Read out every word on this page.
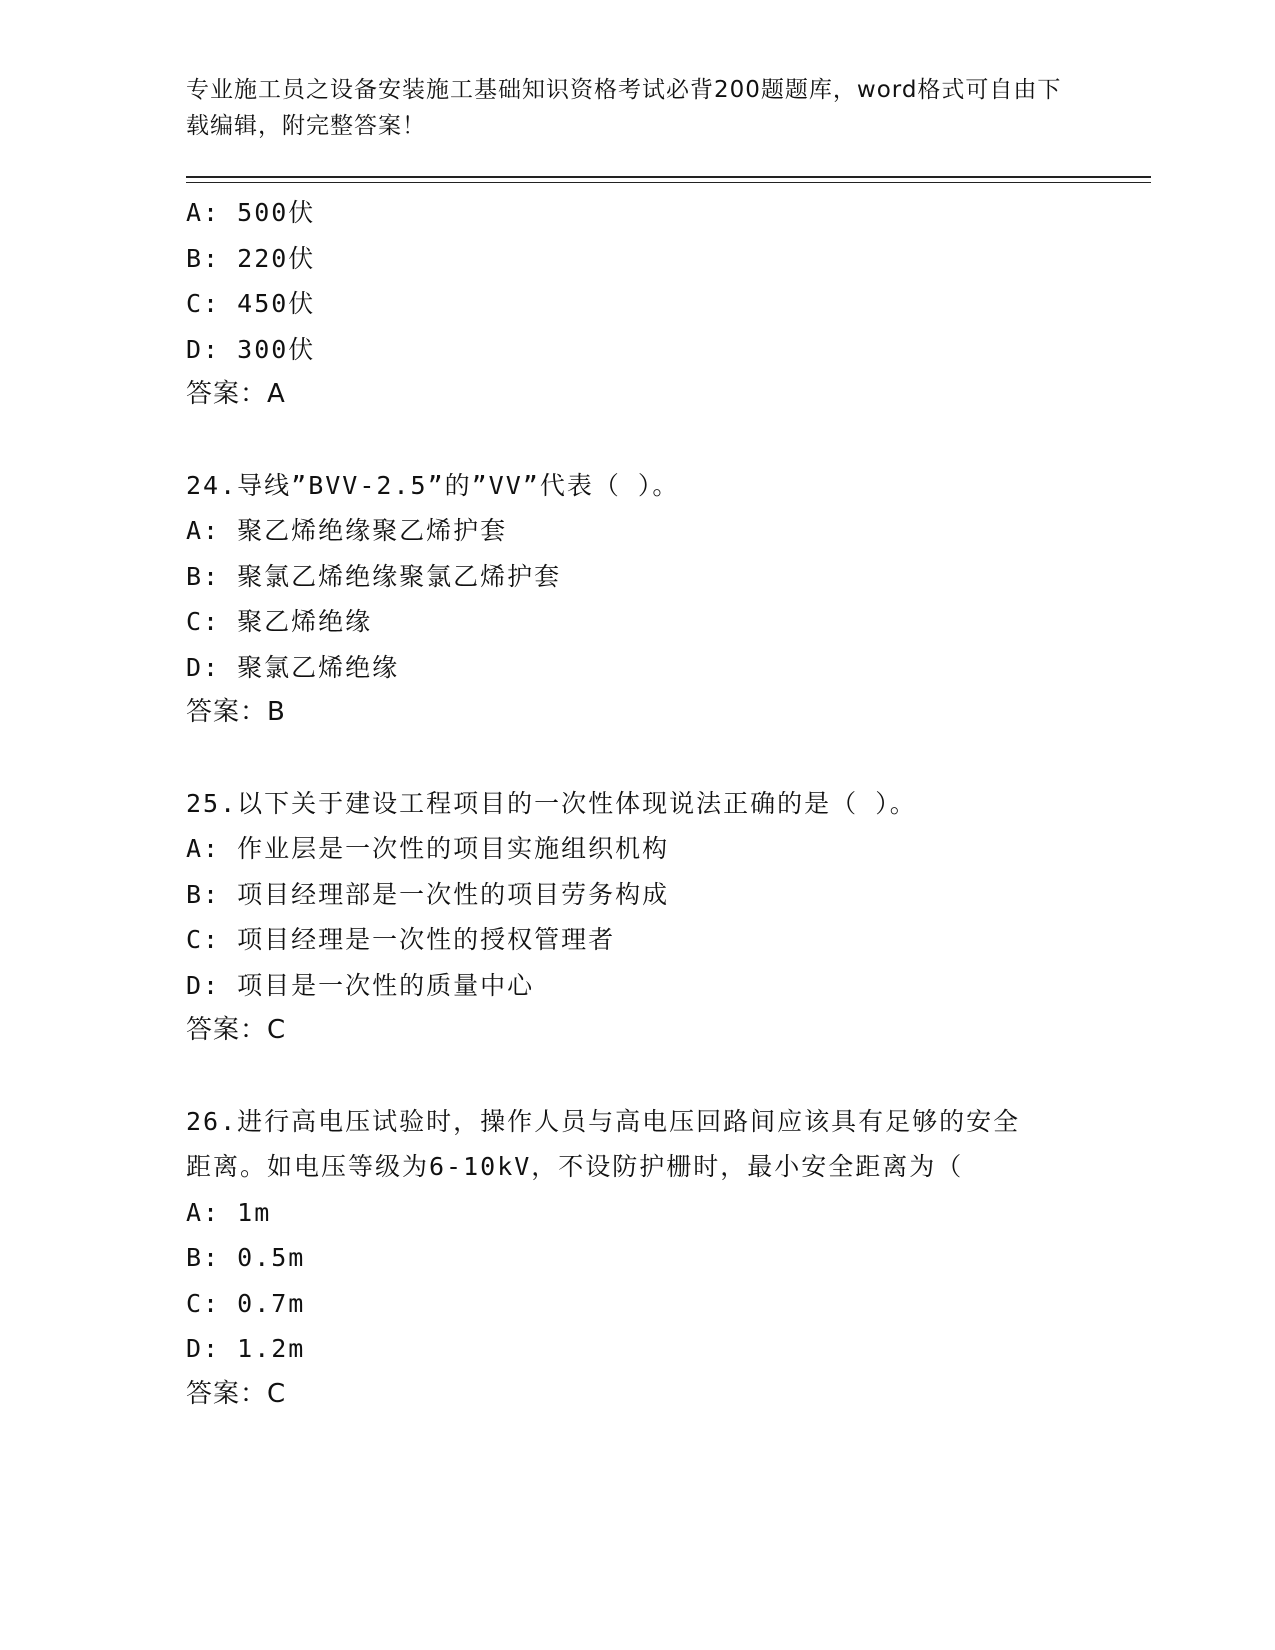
专业施工员之设备安装施工基础知识资格考试必背200题题库，word格式可自由下载编辑，附完整答案！
A: 500伏
B: 220伏
C: 450伏
D: 300伏
答案：A
24.导线”BVV-2.5”的”VV”代表（ ）。
A: 聚乙烯绝缘聚乙烯护套
B: 聚氯乙烯绝缘聚氯乙烯护套
C: 聚乙烯绝缘
D: 聚氯乙烯绝缘
答案：B
25.以下关于建设工程项目的一次性体现说法正确的是（ ）。
A: 作业层是一次性的项目实施组织机构
B: 项目经理部是一次性的项目劳务构成
C: 项目经理是一次性的授权管理者
D: 项目是一次性的质量中心
答案：C
26.进行高电压试验时，操作人员与高电压回路间应该具有足够的安全
距离。如电压等级为6-10kV，不设防护栅时，最小安全距离为（
A: 1m
B: 0.5m
C: 0.7m
D: 1.2m
答案：C
